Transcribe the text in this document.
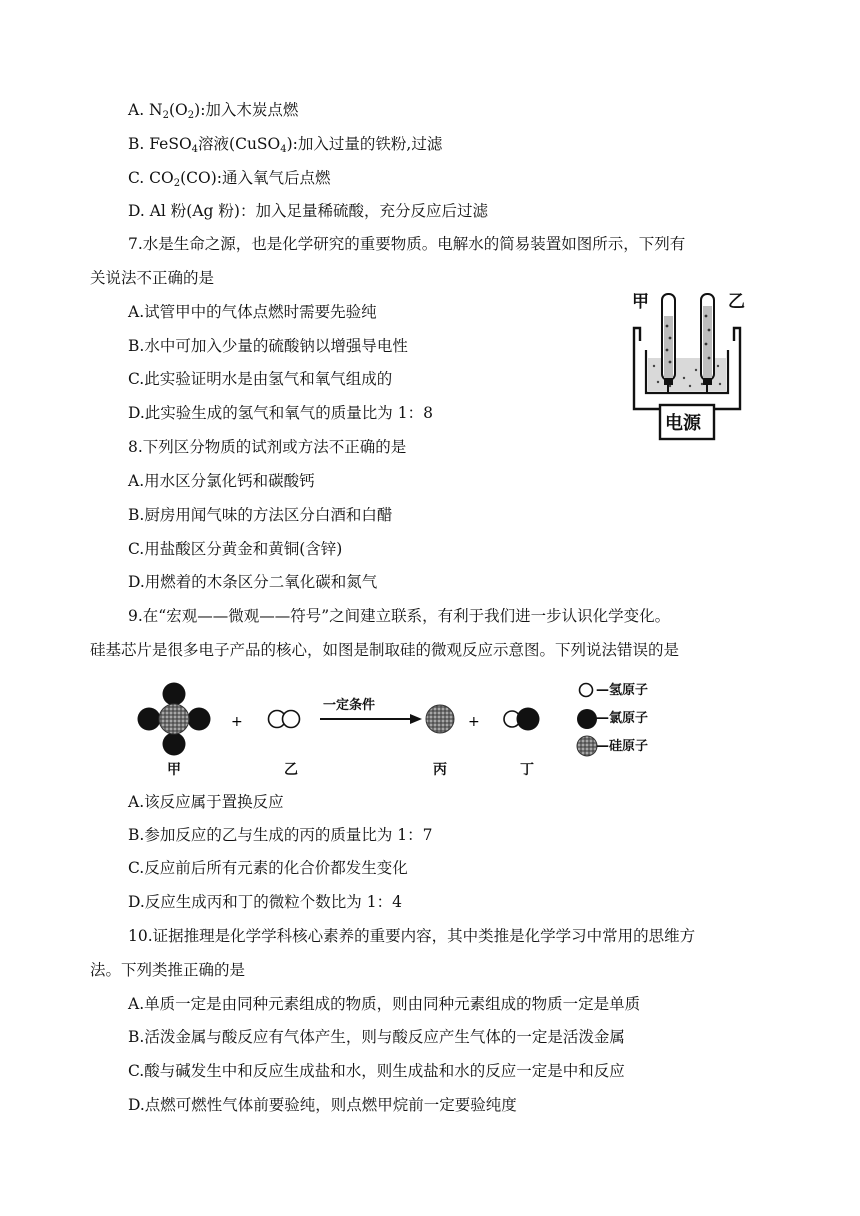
A. $N_2(O_2)$:加入木炭点燃
B. FeSO$_4$溶液(CuSO$_4$):加入过量的铁粉,过滤
C. $CO_2(CO)$:通入氧气后点燃
D. Al 粉(Ag 粉)：加入足量稀硫酸，充分反应后过滤
7.水是生命之源，也是化学研究的重要物质。电解水的简易装置如图所示，下列有
关说法不正确的是
A.试管甲中的气体点燃时需要先验纯
B.水中可加入少量的硫酸钠以增强导电性
C.此实验证明水是由氢气和氧气组成的
D.此实验生成的氢气和氧气的质量比为 1：8
甲	乙
电源
8.下列区分物质的试剂或方法不正确的是
A.用水区分氯化钙和碳酸钙
B.厨房用闻气味的方法区分白酒和白醋
C.用盐酸区分黄金和黄铜(含锌)
D.用燃着的木条区分二氧化碳和氮气
9.在“宏观——微观——符号”之间建立联系，有利于我们进一步认识化学变化。
硅基芯片是很多电子产品的核心，如图是制取硅的微观反应示意图。下列说法错误的是
+	+
甲	乙	丙	丁
一定条件
—氢原子
—氯原子
—硅原子
A.该反应属于置换反应
B.参加反应的乙与生成的丙的质量比为 1：7
C.反应前后所有元素的化合价都发生变化
D.反应生成丙和丁的微粒个数比为 1：4
10.证据推理是化学学科核心素养的重要内容，其中类推是化学学习中常用的思维方
法。下列类推正确的是
A.单质一定是由同种元素组成的物质，则由同种元素组成的物质一定是单质
B.活泼金属与酸反应有气体产生，则与酸反应产生气体的一定是活泼金属
C.酸与碱发生中和反应生成盐和水，则生成盐和水的反应一定是中和反应
D.点燃可燃性气体前要验纯，则点燃甲烷前一定要验纯度
